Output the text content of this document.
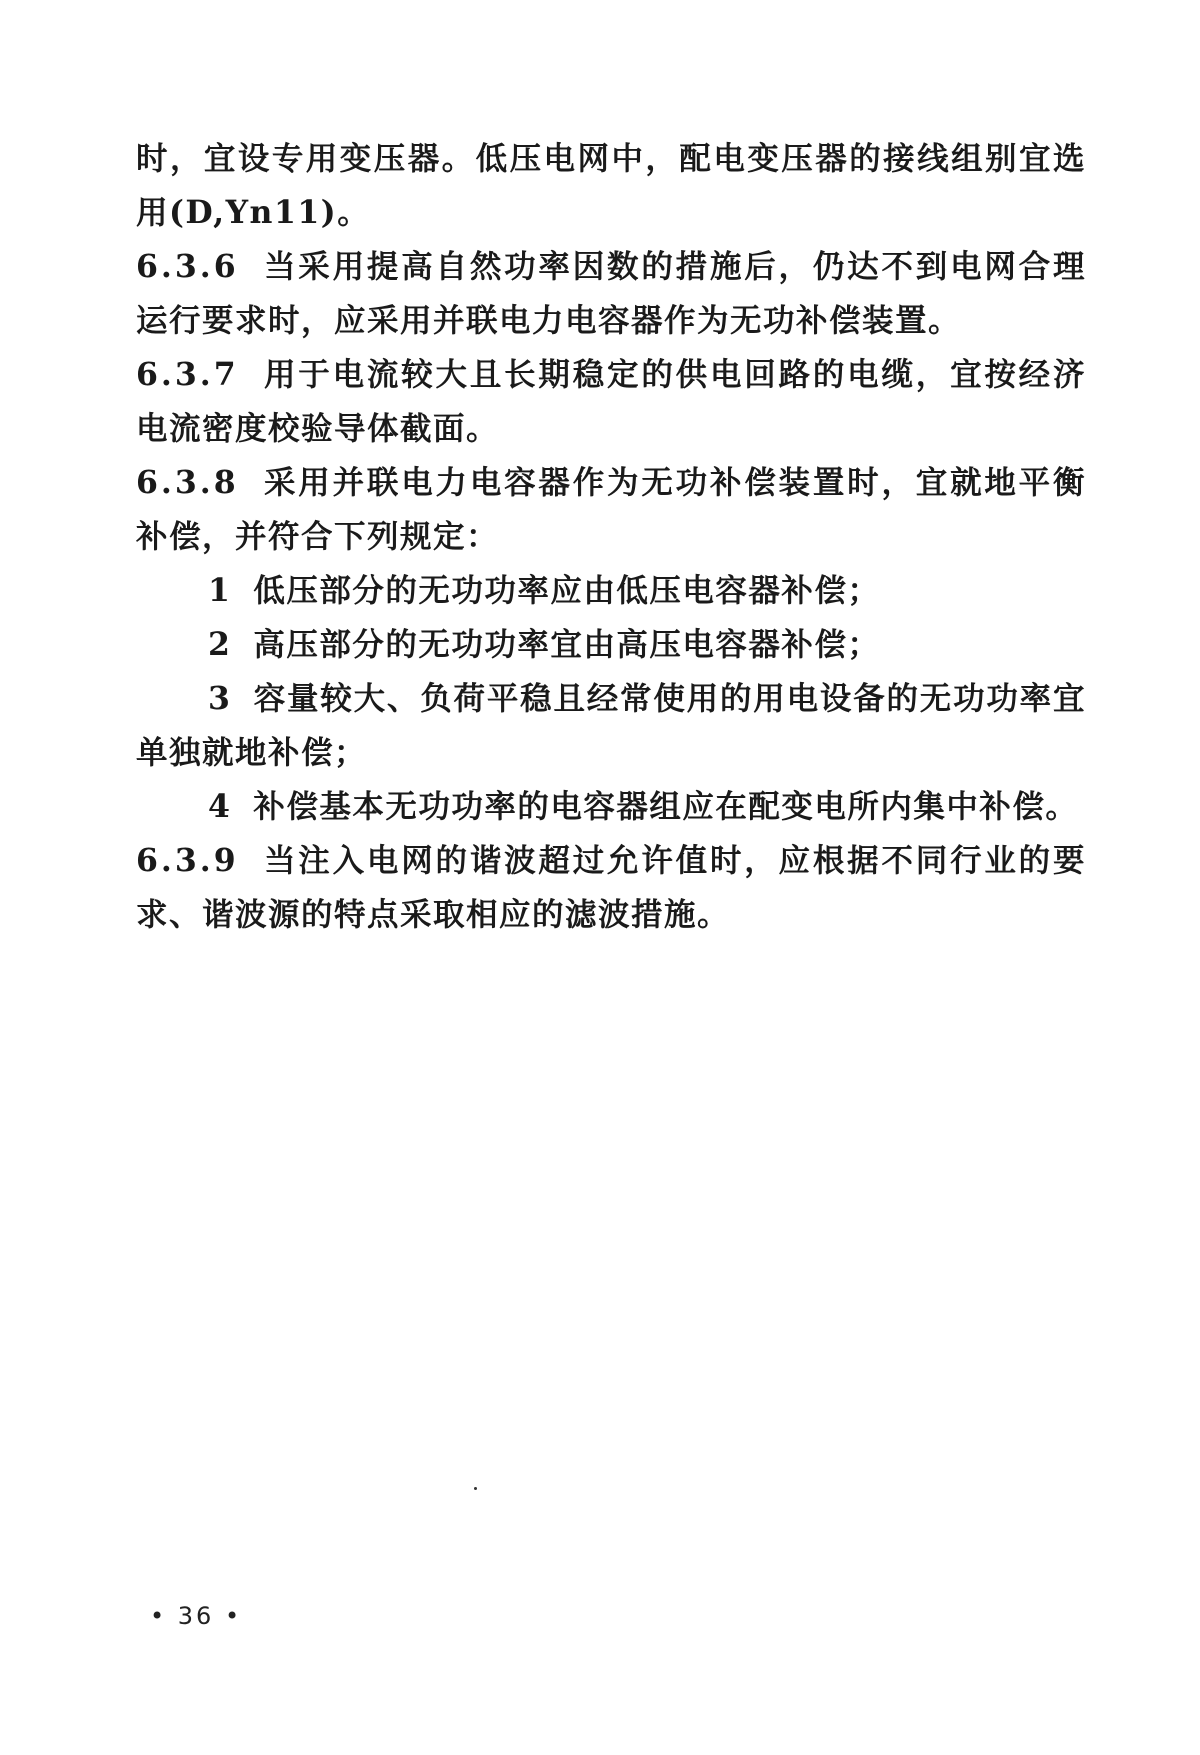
时，宜设专用变压器。低压电网中，配电变压器的接线组别宜选用(D,Yn11)。

6.3.6 当采用提高自然功率因数的措施后，仍达不到电网合理运行要求时，应采用并联电力电容器作为无功补偿装置。

6.3.7 用于电流较大且长期稳定的供电回路的电缆，宜按经济电流密度校验导体截面。

6.3.8 采用并联电力电容器作为无功补偿装置时，宜就地平衡补偿，并符合下列规定：

1 低压部分的无功功率应由低压电容器补偿；

2 高压部分的无功功率宜由高压电容器补偿；

3 容量较大、负荷平稳且经常使用的用电设备的无功功率宜单独就地补偿；

4 补偿基本无功功率的电容器组应在配变电所内集中补偿。

6.3.9 当注入电网的谐波超过允许值时，应根据不同行业的要求、谐波源的特点采取相应的滤波措施。

• 36 •
